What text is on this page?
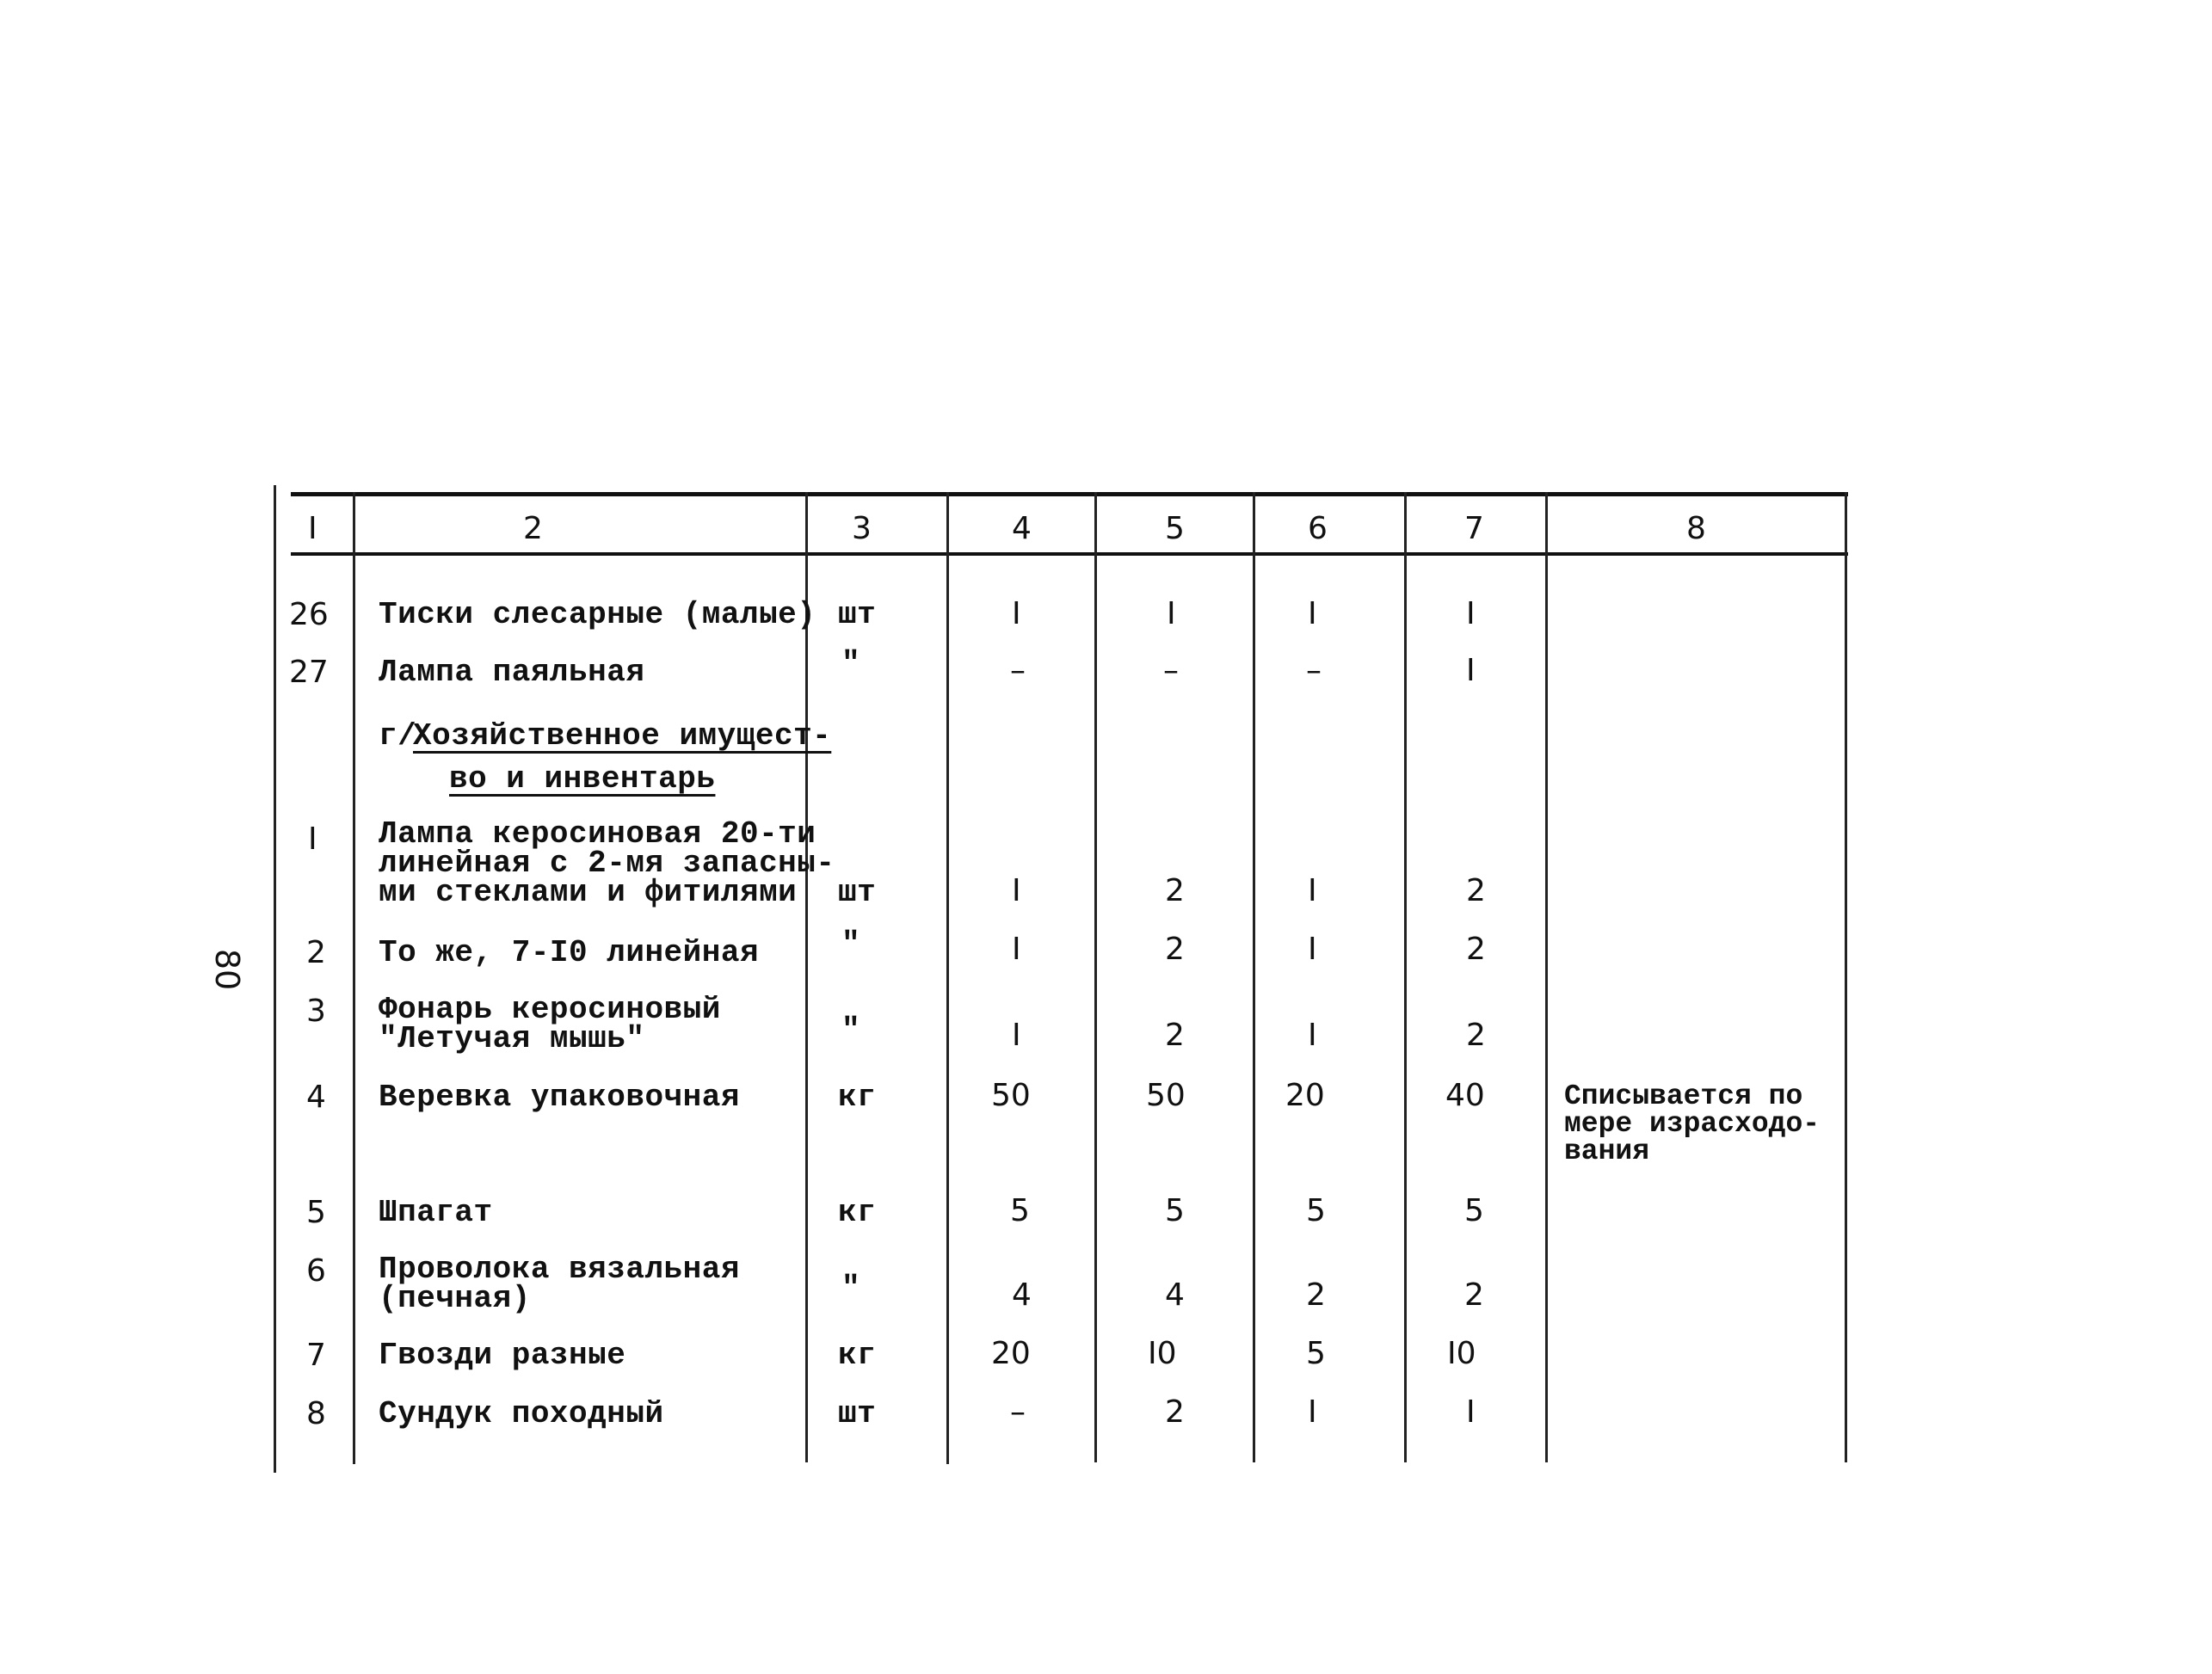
80
I	2	3	4	5	6	7	8
26 Тиски слесарные (малые) шт	I	I	I	I
27 Лампа паяльная	"	–	–	–	I
г/
Хозяйственное имущест-
во и инвентарь
I Лампа керосиновая 20-ти
линейная с 2-мя запасны-
ми стеклами и фитилями шт	I	2	I	2
2 То же, 7-I0 линейная	"	I	2	I	2
3 Фонарь керосиновый
"Летучая мышь"	"	I	2	I	2
4 Веревка упаковочная	кг	50	50	20	40	Списывается по
мере израсходо-
вания
5 Шпагат	кг	5	5	5	5
6 Проволока вязальная
(печная)	"	4	4	2	2
7 Гвозди разные	кг	20	I0	5	I0
8 Сундук походный	шт	–	2	I	I
